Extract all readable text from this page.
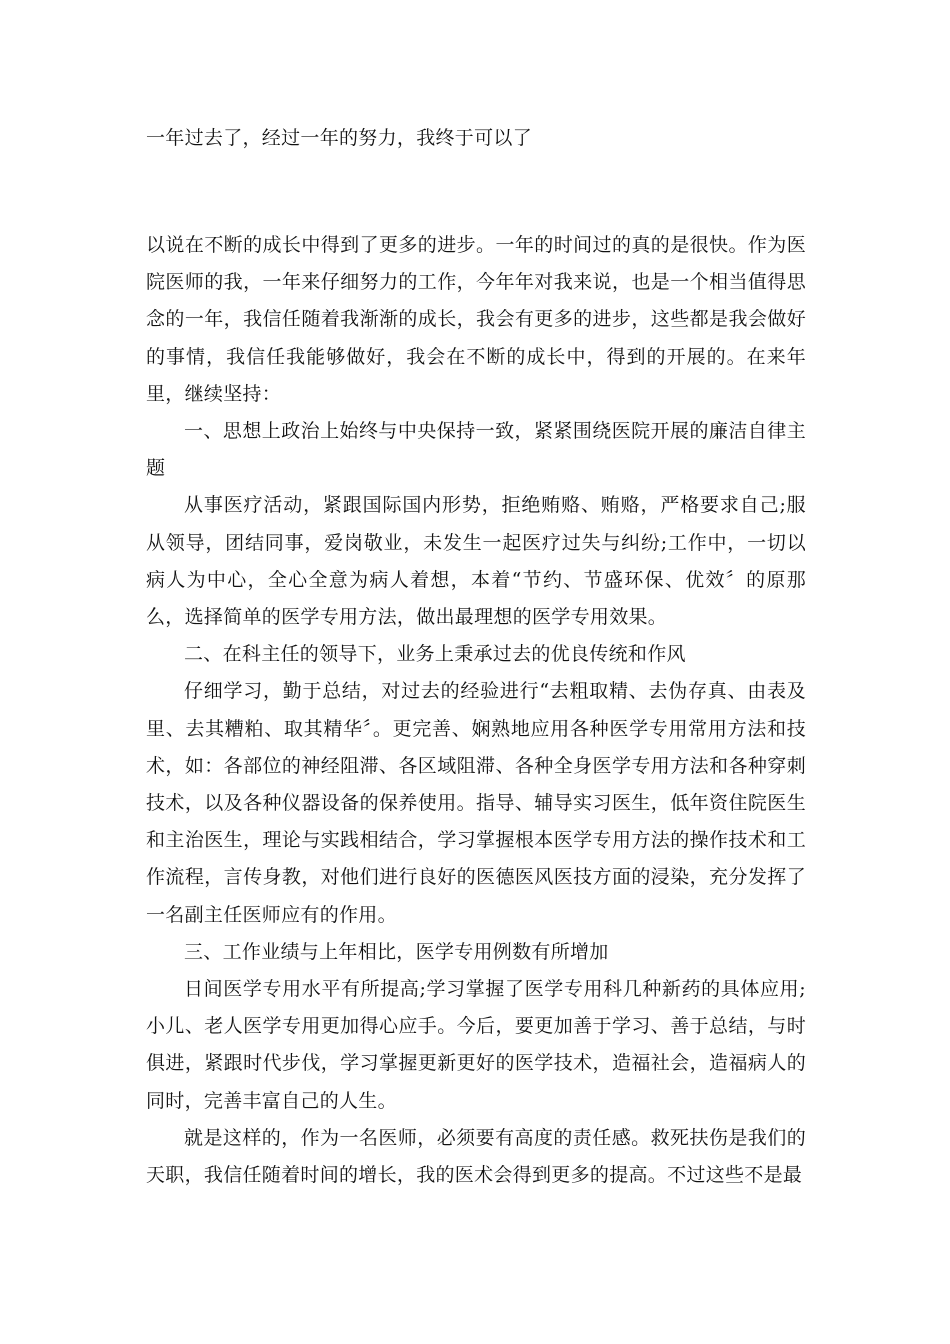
一年过去了，经过一年的努力，我终于可以了

以说在不断的成长中得到了更多的进步。一年的时间过的真的是很快。作为医院医师的我，一年来仔细努力的工作，今年年对我来说，也是一个相当值得思念的一年，我信任随着我渐渐的成长，我会有更多的进步，这些都是我会做好的事情，我信任我能够做好，我会在不断的成长中，得到的开展的。在来年里，继续坚持：

一、思想上政治上始终与中央保持一致，紧紧围绕医院开展的廉洁自律主题

从事医疗活动，紧跟国际国内形势，拒绝贿赂、贿赂，严格要求自己;服从领导，团结同事，爱岗敬业，未发生一起医疗过失与纠纷;工作中，一切以病人为中心，全心全意为病人着想，本着“节约、节盛环保、优效〞的原那么，选择简单的医学专用方法，做出最理想的医学专用效果。

二、在科主任的领导下，业务上秉承过去的优良传统和作风

仔细学习，勤于总结，对过去的经验进行“去粗取精、去伪存真、由表及里、去其糟粕、取其精华〞。更完善、娴熟地应用各种医学专用常用方法和技术，如：各部位的神经阻滞、各区域阻滞、各种全身医学专用方法和各种穿刺技术，以及各种仪器设备的保养使用。指导、辅导实习医生，低年资住院医生和主治医生，理论与实践相结合，学习掌握根本医学专用方法的操作技术和工作流程，言传身教，对他们进行良好的医德医风医技方面的浸染，充分发挥了一名副主任医师应有的作用。

三、工作业绩与上年相比，医学专用例数有所增加

日间医学专用水平有所提高;学习掌握了医学专用科几种新药的具体应用;小儿、老人医学专用更加得心应手。今后，要更加善于学习、善于总结，与时俱进，紧跟时代步伐，学习掌握更新更好的医学技术，造福社会，造福病人的同时，完善丰富自己的人生。

就是这样的，作为一名医师，必须要有高度的责任感。救死扶伤是我们的天职，我信任随着时间的增长，我的医术会得到更多的提高。不过这些不是最
